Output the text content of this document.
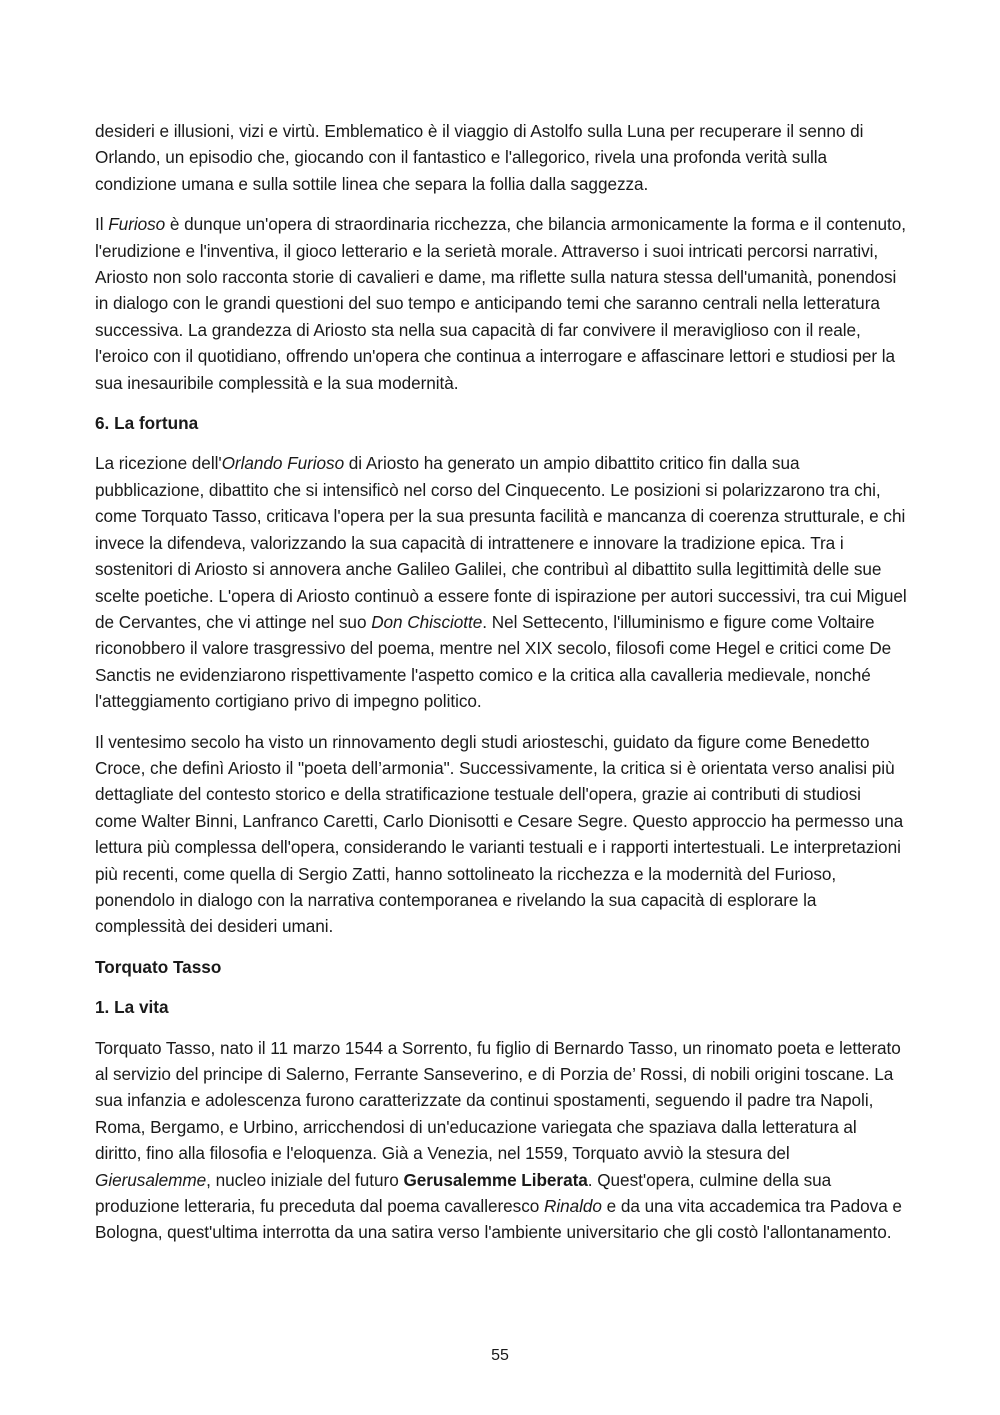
desideri e illusioni, vizi e virtù. Emblematico è il viaggio di Astolfo sulla Luna per recuperare il senno di Orlando, un episodio che, giocando con il fantastico e l'allegorico, rivela una profonda verità sulla condizione umana e sulla sottile linea che separa la follia dalla saggezza.

Il Furioso è dunque un'opera di straordinaria ricchezza, che bilancia armonicamente la forma e il contenuto, l'erudizione e l'inventiva, il gioco letterario e la serietà morale. Attraverso i suoi intricati percorsi narrativi, Ariosto non solo racconta storie di cavalieri e dame, ma riflette sulla natura stessa dell'umanità, ponendosi in dialogo con le grandi questioni del suo tempo e anticipando temi che saranno centrali nella letteratura successiva. La grandezza di Ariosto sta nella sua capacità di far convivere il meraviglioso con il reale, l'eroico con il quotidiano, offrendo un'opera che continua a interrogare e affascinare lettori e studiosi per la sua inesauribile complessità e la sua modernità.

6. La fortuna

La ricezione dell'Orlando Furioso di Ariosto ha generato un ampio dibattito critico fin dalla sua pubblicazione, dibattito che si intensificò nel corso del Cinquecento. Le posizioni si polarizzarono tra chi, come Torquato Tasso, criticava l'opera per la sua presunta facilità e mancanza di coerenza strutturale, e chi invece la difendeva, valorizzando la sua capacità di intrattenere e innovare la tradizione epica. Tra i sostenitori di Ariosto si annovera anche Galileo Galilei, che contribuì al dibattito sulla legittimità delle sue scelte poetiche. L'opera di Ariosto continuò a essere fonte di ispirazione per autori successivi, tra cui Miguel de Cervantes, che vi attinge nel suo Don Chisciotte. Nel Settecento, l'illuminismo e figure come Voltaire riconobbero il valore trasgressivo del poema, mentre nel XIX secolo, filosofi come Hegel e critici come De Sanctis ne evidenziarono rispettivamente l'aspetto comico e la critica alla cavalleria medievale, nonché l'atteggiamento cortigiano privo di impegno politico.

Il ventesimo secolo ha visto un rinnovamento degli studi ariosteschi, guidato da figure come Benedetto Croce, che definì Ariosto il "poeta dell’armonia". Successivamente, la critica si è orientata verso analisi più dettagliate del contesto storico e della stratificazione testuale dell'opera, grazie ai contributi di studiosi come Walter Binni, Lanfranco Caretti, Carlo Dionisotti e Cesare Segre. Questo approccio ha permesso una lettura più complessa dell'opera, considerando le varianti testuali e i rapporti intertestuali. Le interpretazioni più recenti, come quella di Sergio Zatti, hanno sottolineato la ricchezza e la modernità del Furioso, ponendolo in dialogo con la narrativa contemporanea e rivelando la sua capacità di esplorare la complessità dei desideri umani.

Torquato Tasso

1. La vita

Torquato Tasso, nato il 11 marzo 1544 a Sorrento, fu figlio di Bernardo Tasso, un rinomato poeta e letterato al servizio del principe di Salerno, Ferrante Sanseverino, e di Porzia de’ Rossi, di nobili origini toscane. La sua infanzia e adolescenza furono caratterizzate da continui spostamenti, seguendo il padre tra Napoli, Roma, Bergamo, e Urbino, arricchendosi di un'educazione variegata che spaziava dalla letteratura al diritto, fino alla filosofia e l'eloquenza. Già a Venezia, nel 1559, Torquato avviò la stesura del Gierusalemme, nucleo iniziale del futuro Gerusalemme Liberata. Quest'opera, culmine della sua produzione letteraria, fu preceduta dal poema cavalleresco Rinaldo e da una vita accademica tra Padova e Bologna, quest'ultima interrotta da una satira verso l'ambiente universitario che gli costò l'allontanamento.

55
